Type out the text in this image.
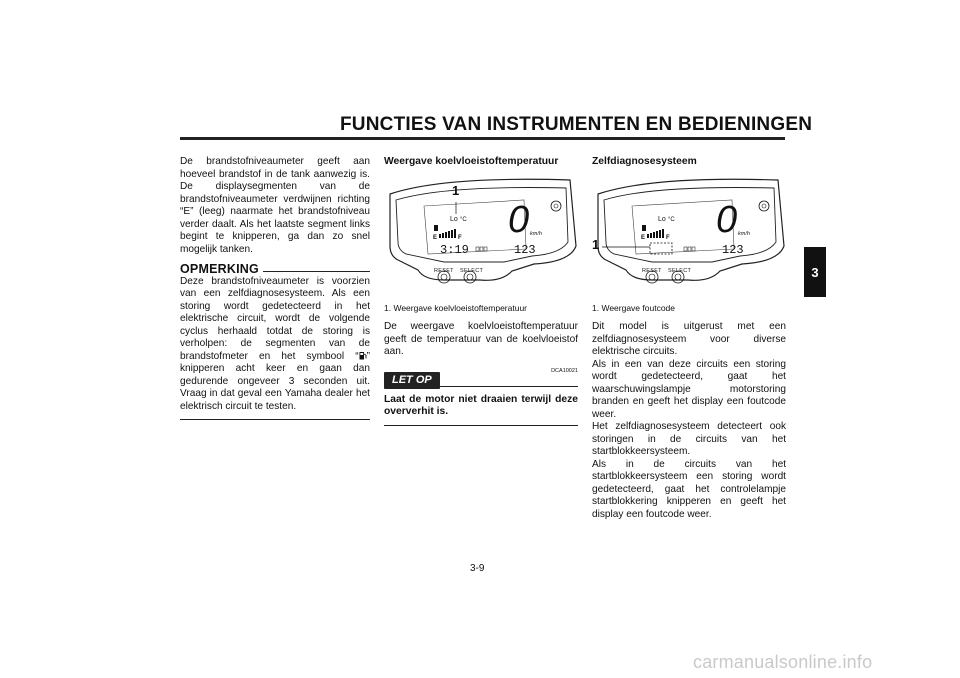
FUNCTIES VAN INSTRUMENTEN EN BEDIENINGEN
3

De brandstofniveaumeter geeft aan hoeveel brandstof in de tank aanwezig is. De displaysegmenten van de brandstofniveaumeter verdwijnen richting “E” (leeg) naarmate het brandstofniveau verder daalt. Als het laatste segment links begint te knipperen, ga dan zo snel mogelijk tanken.

OPMERKING

Deze brandstofniveaumeter is voorzien van een zelfdiagnosesysteem. Als een storing wordt gedetecteerd in het elektrische circuit, wordt de volgende cyclus herhaald totdat de storing is verholpen: de segmenten van de brandstofmeter en het symbool “ ” knipperen acht keer en gaan dan gedurende ongeveer 3 seconden uit. Vraag in dat geval een Yamaha dealer het elektrisch circuit te testen.

Weergave koelvloeistoftemperatuur
Lo °C
E	F 0 km/h
3:19	123
1
RESET SELECT
1. Weergave koelvloeistoftemperatuur

De weergave koelvloeistoftemperatuur geeft de temperatuur van de koelvloeistof aan.

LET OP
DCA10021
Laat de motor niet draaien terwijl deze oververhit is.
Zelfdiagnosesysteem
Lo °C
E	F 0 km/h
123
1
RESET SELECT
1. Weergave foutcode

Dit model is uitgerust met een zelfdiagnosesysteem voor diverse elektrische circuits.

Als in een van deze circuits een storing wordt gedetecteerd, gaat het waarschuwingslampje motorstoring branden en geeft het display een foutcode weer.

Het zelfdiagnosesysteem detecteert ook storingen in de circuits van het startblokkeersysteem.

Als in de circuits van het startblokkeersysteem een storing wordt gedetecteerd, gaat het controlelampje startblokkering knipperen en geeft het display een foutcode weer.

3-9
carmanualsonline.info
